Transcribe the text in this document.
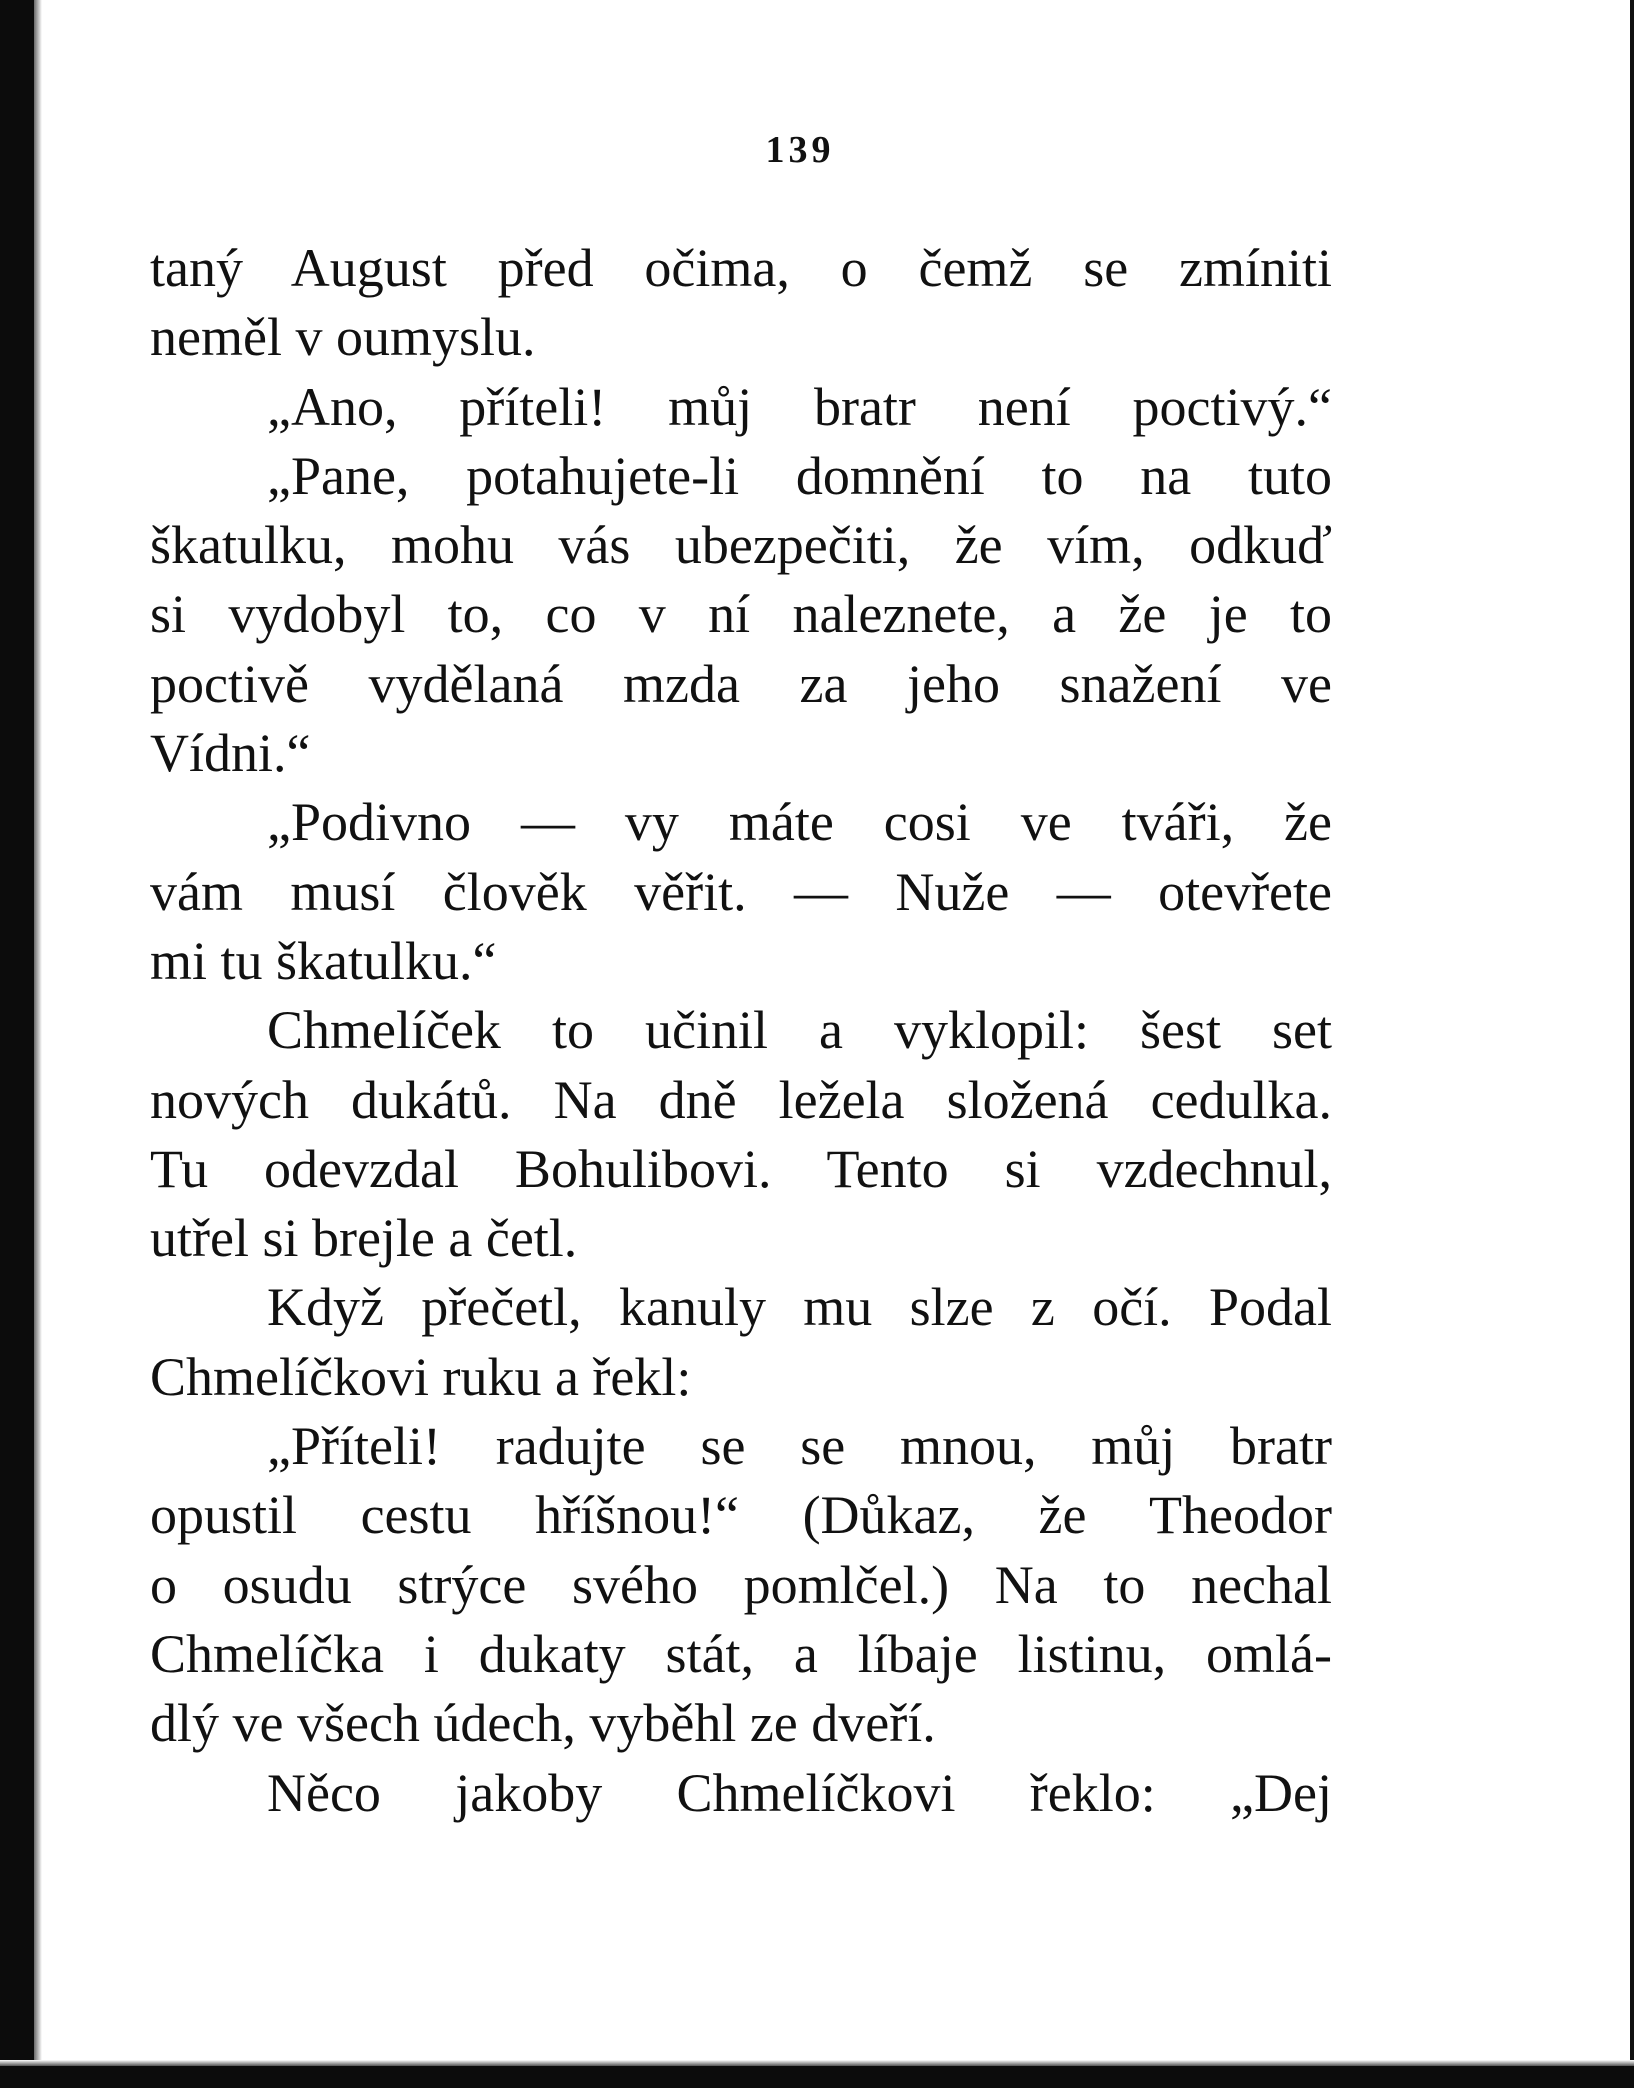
139
taný August před očima, o čemž se zmíniti
neměl v oumyslu.
„Ano, příteli! můj bratr není poctivý.“
„Pane, potahujete-li domnění to na tuto
škatulku, mohu vás ubezpečiti, že vím, odkuď
si vydobyl to, co v ní naleznete, a že je to
poctivě vydělaná mzda za jeho snažení ve
Vídni.“
„Podivno — vy máte cosi ve tváři, že
vám musí člověk věřit. — Nuže — otevřete
mi tu škatulku.“
Chmelíček to učinil a vyklopil: šest set
nových dukátů. Na dně ležela složená cedulka.
Tu odevzdal Bohulibovi. Tento si vzdechnul,
utřel si brejle a četl.
Když přečetl, kanuly mu slze z očí. Podal
Chmelíčkovi ruku a řekl:
„Příteli! radujte se se mnou, můj bratr
opustil cestu hříšnou!“ (Důkaz, že Theodor
o osudu strýce svého pomlčel.) Na to nechal
Chmelíčka i dukaty stát, a líbaje listinu, omlá-
dlý ve všech údech, vyběhl ze dveří.
Něco jakoby Chmelíčkovi řeklo: „Dej
